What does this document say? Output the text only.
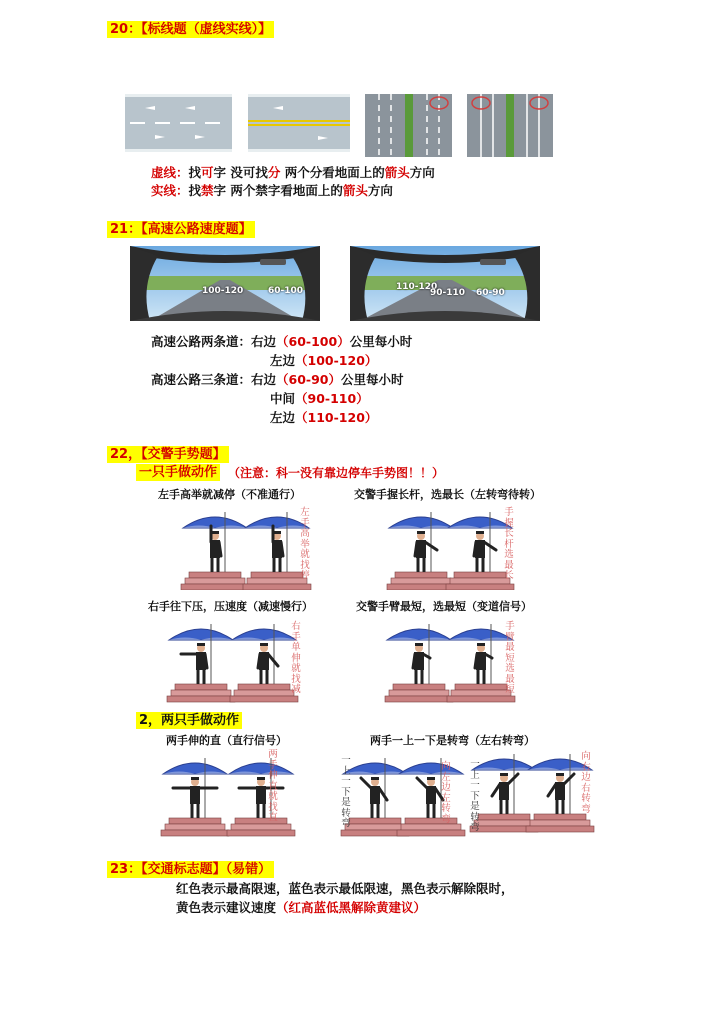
20：【标线题（虚线实线）】
虚线：找可字 没可找分 两个分看地面上的箭头方向
实线：找禁字 两个禁字看地面上的箭头方向
21：【高速公路速度题】
100-120	60-100	110-120
90-110 60-90
高速公路两条道：右边（60-100）公里每小时
左边（100-120）
高速公路三条道：右边（60-90）公里每小时
中间（90-110）
左边（110-120）
22，【交警手势题】
一只手做动作 （注意：科一没有靠边停车手势图！！）
左手高举就减停（不准通行）	交警手握长杆，选最长（左转弯待转）
左手高举就找停
手握长杆选最长
右手往下压，压速度（减速慢行）	交警手臂最短，选最短（变道信号）
右手单伸就找减
手臂最短选最短
2，两只手做动作
两手伸的直（直行信号）	两手一上一下是转弯（左右转弯）
两手伸直就找直
一上一下是转弯
向左边左转弯
一上一下是转弯
向右边右转弯
23：【交通标志题】（易错）
红色表示最高限速，蓝色表示最低限速，黑色表示解除限时，
黄色表示建议速度（红高蓝低黑解除黄建议）
